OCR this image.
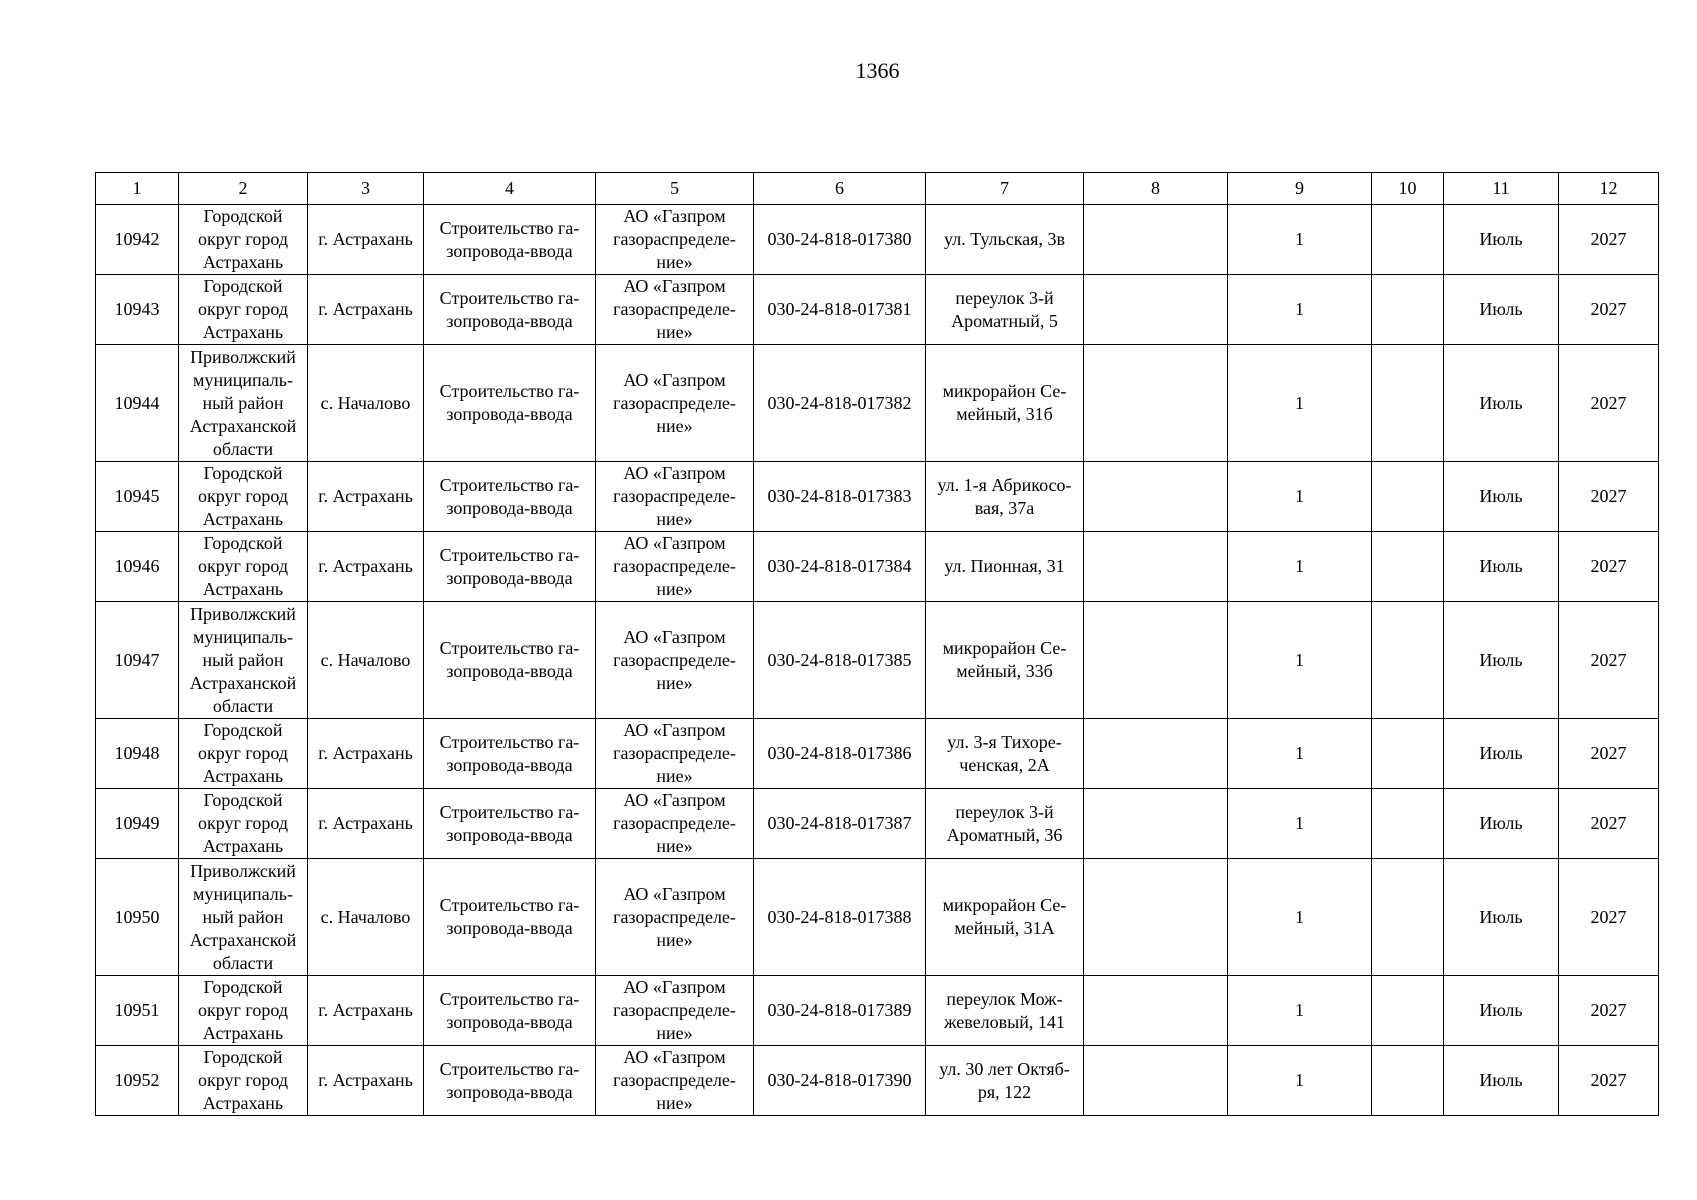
1366
1	2	3	4	5	6	7	8	9	10	11	12
10942	Городской
округ город
Астрахань	г. Астрахань	Строительство га-
зопровода-ввода	АО «Газпром
газораспределе-
ние»	030-24-818-017380	ул. Тульская, 3в		1		Июль	2027
10943	Городской
округ город
Астрахань	г. Астрахань	Строительство га-
зопровода-ввода	АО «Газпром
газораспределе-
ние»	030-24-818-017381	переулок 3-й
Ароматный, 5		1		Июль	2027
10944	Приволжский
муниципаль-
ный район
Астраханской
области	с. Началово	Строительство га-
зопровода-ввода	АО «Газпром
газораспределе-
ние»	030-24-818-017382	микрорайон Се-
мейный, 31б		1		Июль	2027
10945	Городской
округ город
Астрахань	г. Астрахань	Строительство га-
зопровода-ввода	АО «Газпром
газораспределе-
ние»	030-24-818-017383	ул. 1-я Абрикосо-
вая, 37а		1		Июль	2027
10946	Городской
округ город
Астрахань	г. Астрахань	Строительство га-
зопровода-ввода	АО «Газпром
газораспределе-
ние»	030-24-818-017384	ул. Пионная, 31		1		Июль	2027
10947	Приволжский
муниципаль-
ный район
Астраханской
области	с. Началово	Строительство га-
зопровода-ввода	АО «Газпром
газораспределе-
ние»	030-24-818-017385	микрорайон Се-
мейный, 33б		1		Июль	2027
10948	Городской
округ город
Астрахань	г. Астрахань	Строительство га-
зопровода-ввода	АО «Газпром
газораспределе-
ние»	030-24-818-017386	ул. 3-я Тихоре-
ченская, 2А		1		Июль	2027
10949	Городской
округ город
Астрахань	г. Астрахань	Строительство га-
зопровода-ввода	АО «Газпром
газораспределе-
ние»	030-24-818-017387	переулок 3-й
Ароматный, 36		1		Июль	2027
10950	Приволжский
муниципаль-
ный район
Астраханской
области	с. Началово	Строительство га-
зопровода-ввода	АО «Газпром
газораспределе-
ние»	030-24-818-017388	микрорайон Се-
мейный, 31А		1		Июль	2027
10951	Городской
округ город
Астрахань	г. Астрахань	Строительство га-
зопровода-ввода	АО «Газпром
газораспределе-
ние»	030-24-818-017389	переулок Мож-
жевеловый, 141		1		Июль	2027
10952	Городской
округ город
Астрахань	г. Астрахань	Строительство га-
зопровода-ввода	АО «Газпром
газораспределе-
ние»	030-24-818-017390	ул. 30 лет Октяб-
ря, 122		1		Июль	2027
